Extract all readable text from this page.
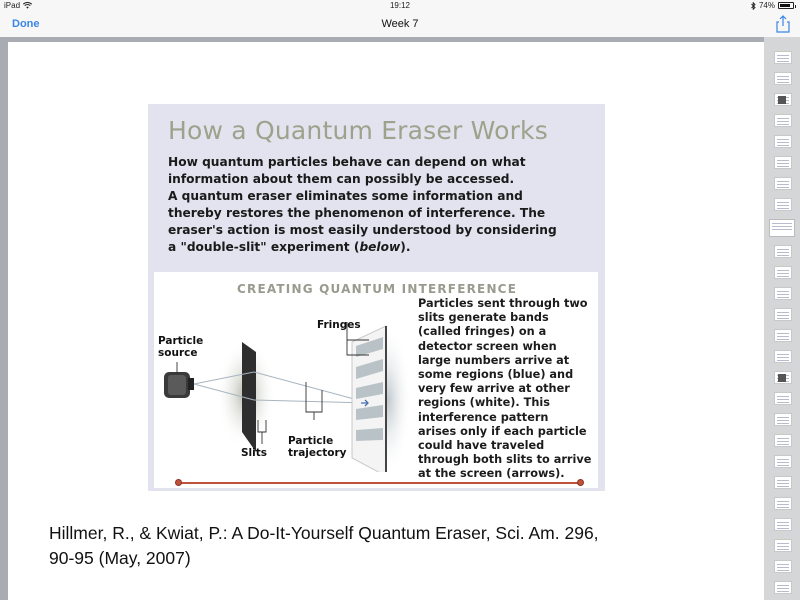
iPad	19:12	74%
Done	Week 7
How a Quantum Eraser Works

How quantum particles behave can depend on what

information about them can possibly be accessed.

A quantum eraser eliminates some information and

thereby restores the phenomenon of interference. The

eraser's action is most easily understood by considering

a "double-slit" experiment (below).

CREATING QUANTUM INTERFERENCE
Particle
source
Fringes
Slits
Particle
trajectory
Particles sent through two
slits generate bands
(called fringes) on a
detector screen when
large numbers arrive at
some regions (blue) and
very few arrive at other
regions (white). This
interference pattern
arises only if each particle
could have traveled
through both slits to arrive
at the screen (arrows).
Hillmer, R., & Kwiat, P.: A Do-It-Yourself Quantum Eraser, Sci. Am. 296,
90-95 (May, 2007)
